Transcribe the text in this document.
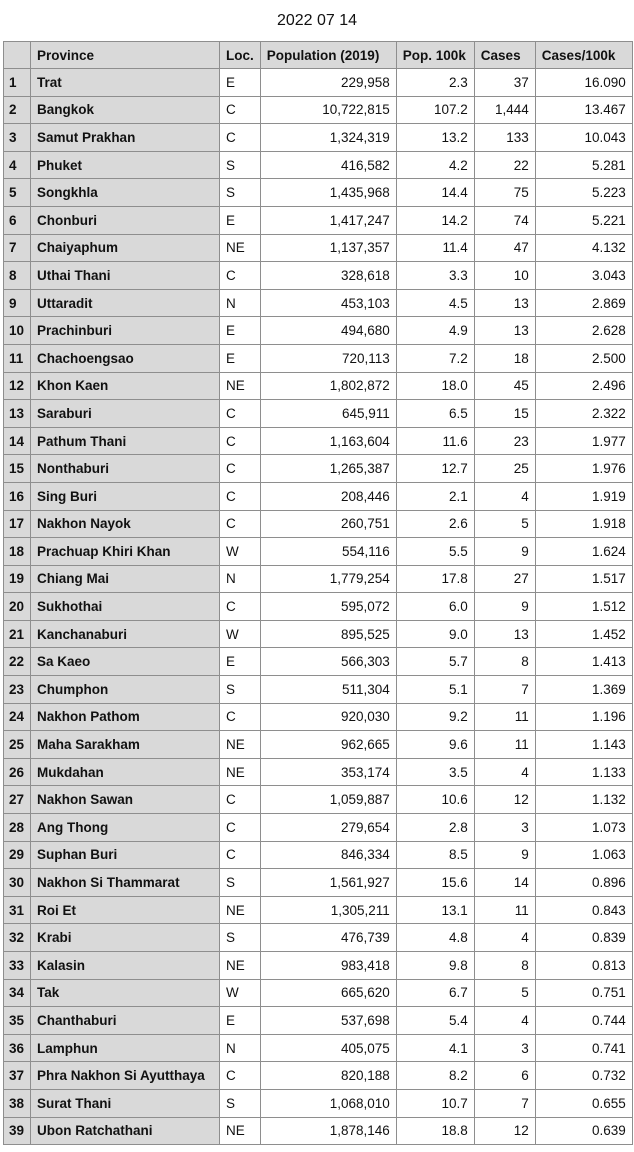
2022 07 14
	Province	Loc.	Population (2019)	Pop. 100k	Cases	Cases/100k
1	Trat	E	229,958	2.3	37	16.090
2	Bangkok	C	10,722,815	107.2	1,444	13.467
3	Samut Prakhan	C	1,324,319	13.2	133	10.043
4	Phuket	S	416,582	4.2	22	5.281
5	Songkhla	S	1,435,968	14.4	75	5.223
6	Chonburi	E	1,417,247	14.2	74	5.221
7	Chaiyaphum	NE	1,137,357	11.4	47	4.132
8	Uthai Thani	C	328,618	3.3	10	3.043
9	Uttaradit	N	453,103	4.5	13	2.869
10	Prachinburi	E	494,680	4.9	13	2.628
11	Chachoengsao	E	720,113	7.2	18	2.500
12	Khon Kaen	NE	1,802,872	18.0	45	2.496
13	Saraburi	C	645,911	6.5	15	2.322
14	Pathum Thani	C	1,163,604	11.6	23	1.977
15	Nonthaburi	C	1,265,387	12.7	25	1.976
16	Sing Buri	C	208,446	2.1	4	1.919
17	Nakhon Nayok	C	260,751	2.6	5	1.918
18	Prachuap Khiri Khan	W	554,116	5.5	9	1.624
19	Chiang Mai	N	1,779,254	17.8	27	1.517
20	Sukhothai	C	595,072	6.0	9	1.512
21	Kanchanaburi	W	895,525	9.0	13	1.452
22	Sa Kaeo	E	566,303	5.7	8	1.413
23	Chumphon	S	511,304	5.1	7	1.369
24	Nakhon Pathom	C	920,030	9.2	11	1.196
25	Maha Sarakham	NE	962,665	9.6	11	1.143
26	Mukdahan	NE	353,174	3.5	4	1.133
27	Nakhon Sawan	C	1,059,887	10.6	12	1.132
28	Ang Thong	C	279,654	2.8	3	1.073
29	Suphan Buri	C	846,334	8.5	9	1.063
30	Nakhon Si Thammarat	S	1,561,927	15.6	14	0.896
31	Roi Et	NE	1,305,211	13.1	11	0.843
32	Krabi	S	476,739	4.8	4	0.839
33	Kalasin	NE	983,418	9.8	8	0.813
34	Tak	W	665,620	6.7	5	0.751
35	Chanthaburi	E	537,698	5.4	4	0.744
36	Lamphun	N	405,075	4.1	3	0.741
37	Phra Nakhon Si Ayutthaya	C	820,188	8.2	6	0.732
38	Surat Thani	S	1,068,010	10.7	7	0.655
39	Ubon Ratchathani	NE	1,878,146	18.8	12	0.639
